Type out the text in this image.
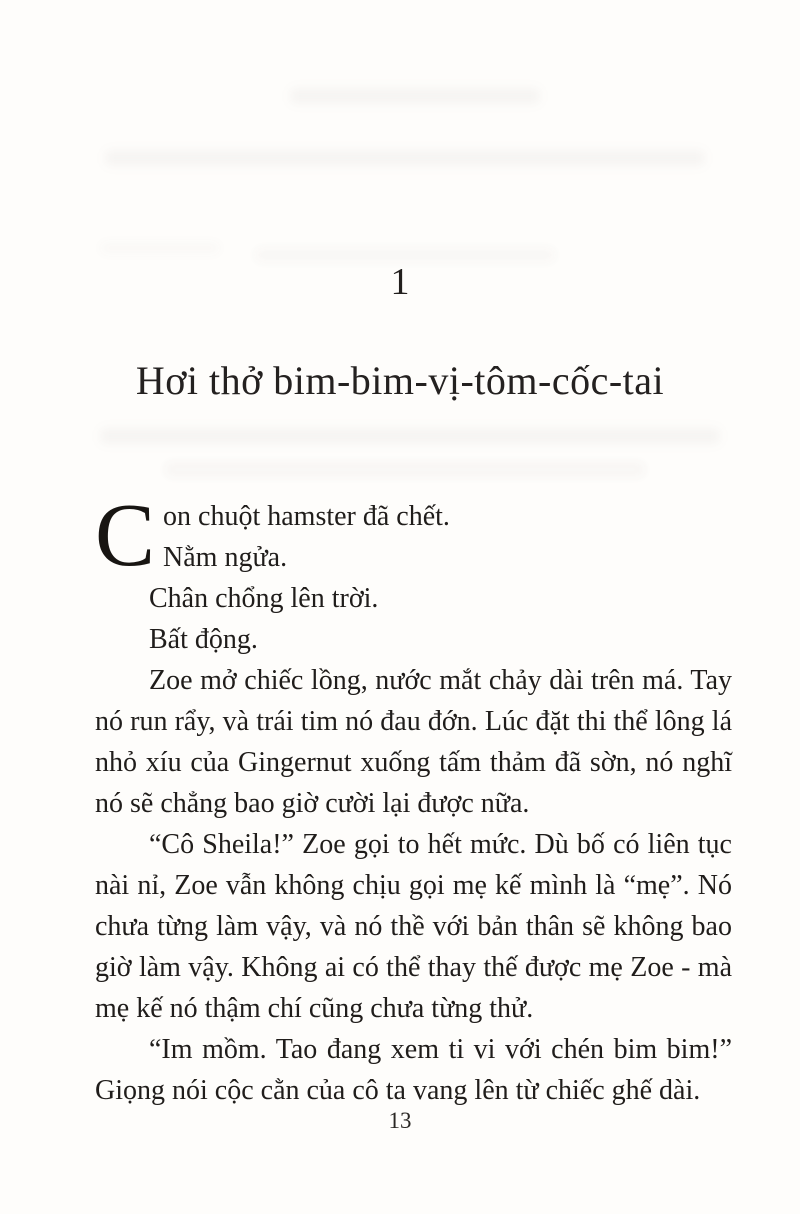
1
Hơi thở bim-bim-vị-tôm-cốc-tai

Con chuột hamster đã chết.
Nằm ngửa.

Chân chổng lên trời.

Bất động.

Zoe mở chiếc lồng, nước mắt chảy dài trên má. Tay nó run rẩy, và trái tim nó đau đớn. Lúc đặt thi thể lông lá nhỏ xíu của Gingernut xuống tấm thảm đã sờn, nó nghĩ nó sẽ chẳng bao giờ cười lại được nữa.

“Cô Sheila!” Zoe gọi to hết mức. Dù bố có liên tục nài nỉ, Zoe vẫn không chịu gọi mẹ kế mình là “mẹ”. Nó chưa từng làm vậy, và nó thề với bản thân sẽ không bao giờ làm vậy. Không ai có thể thay thế được mẹ Zoe - mà mẹ kế nó thậm chí cũng chưa từng thử.

“Im mồm. Tao đang xem ti vi với chén bim bim!” Giọng nói cộc cằn của cô ta vang lên từ chiếc ghế dài.

13
